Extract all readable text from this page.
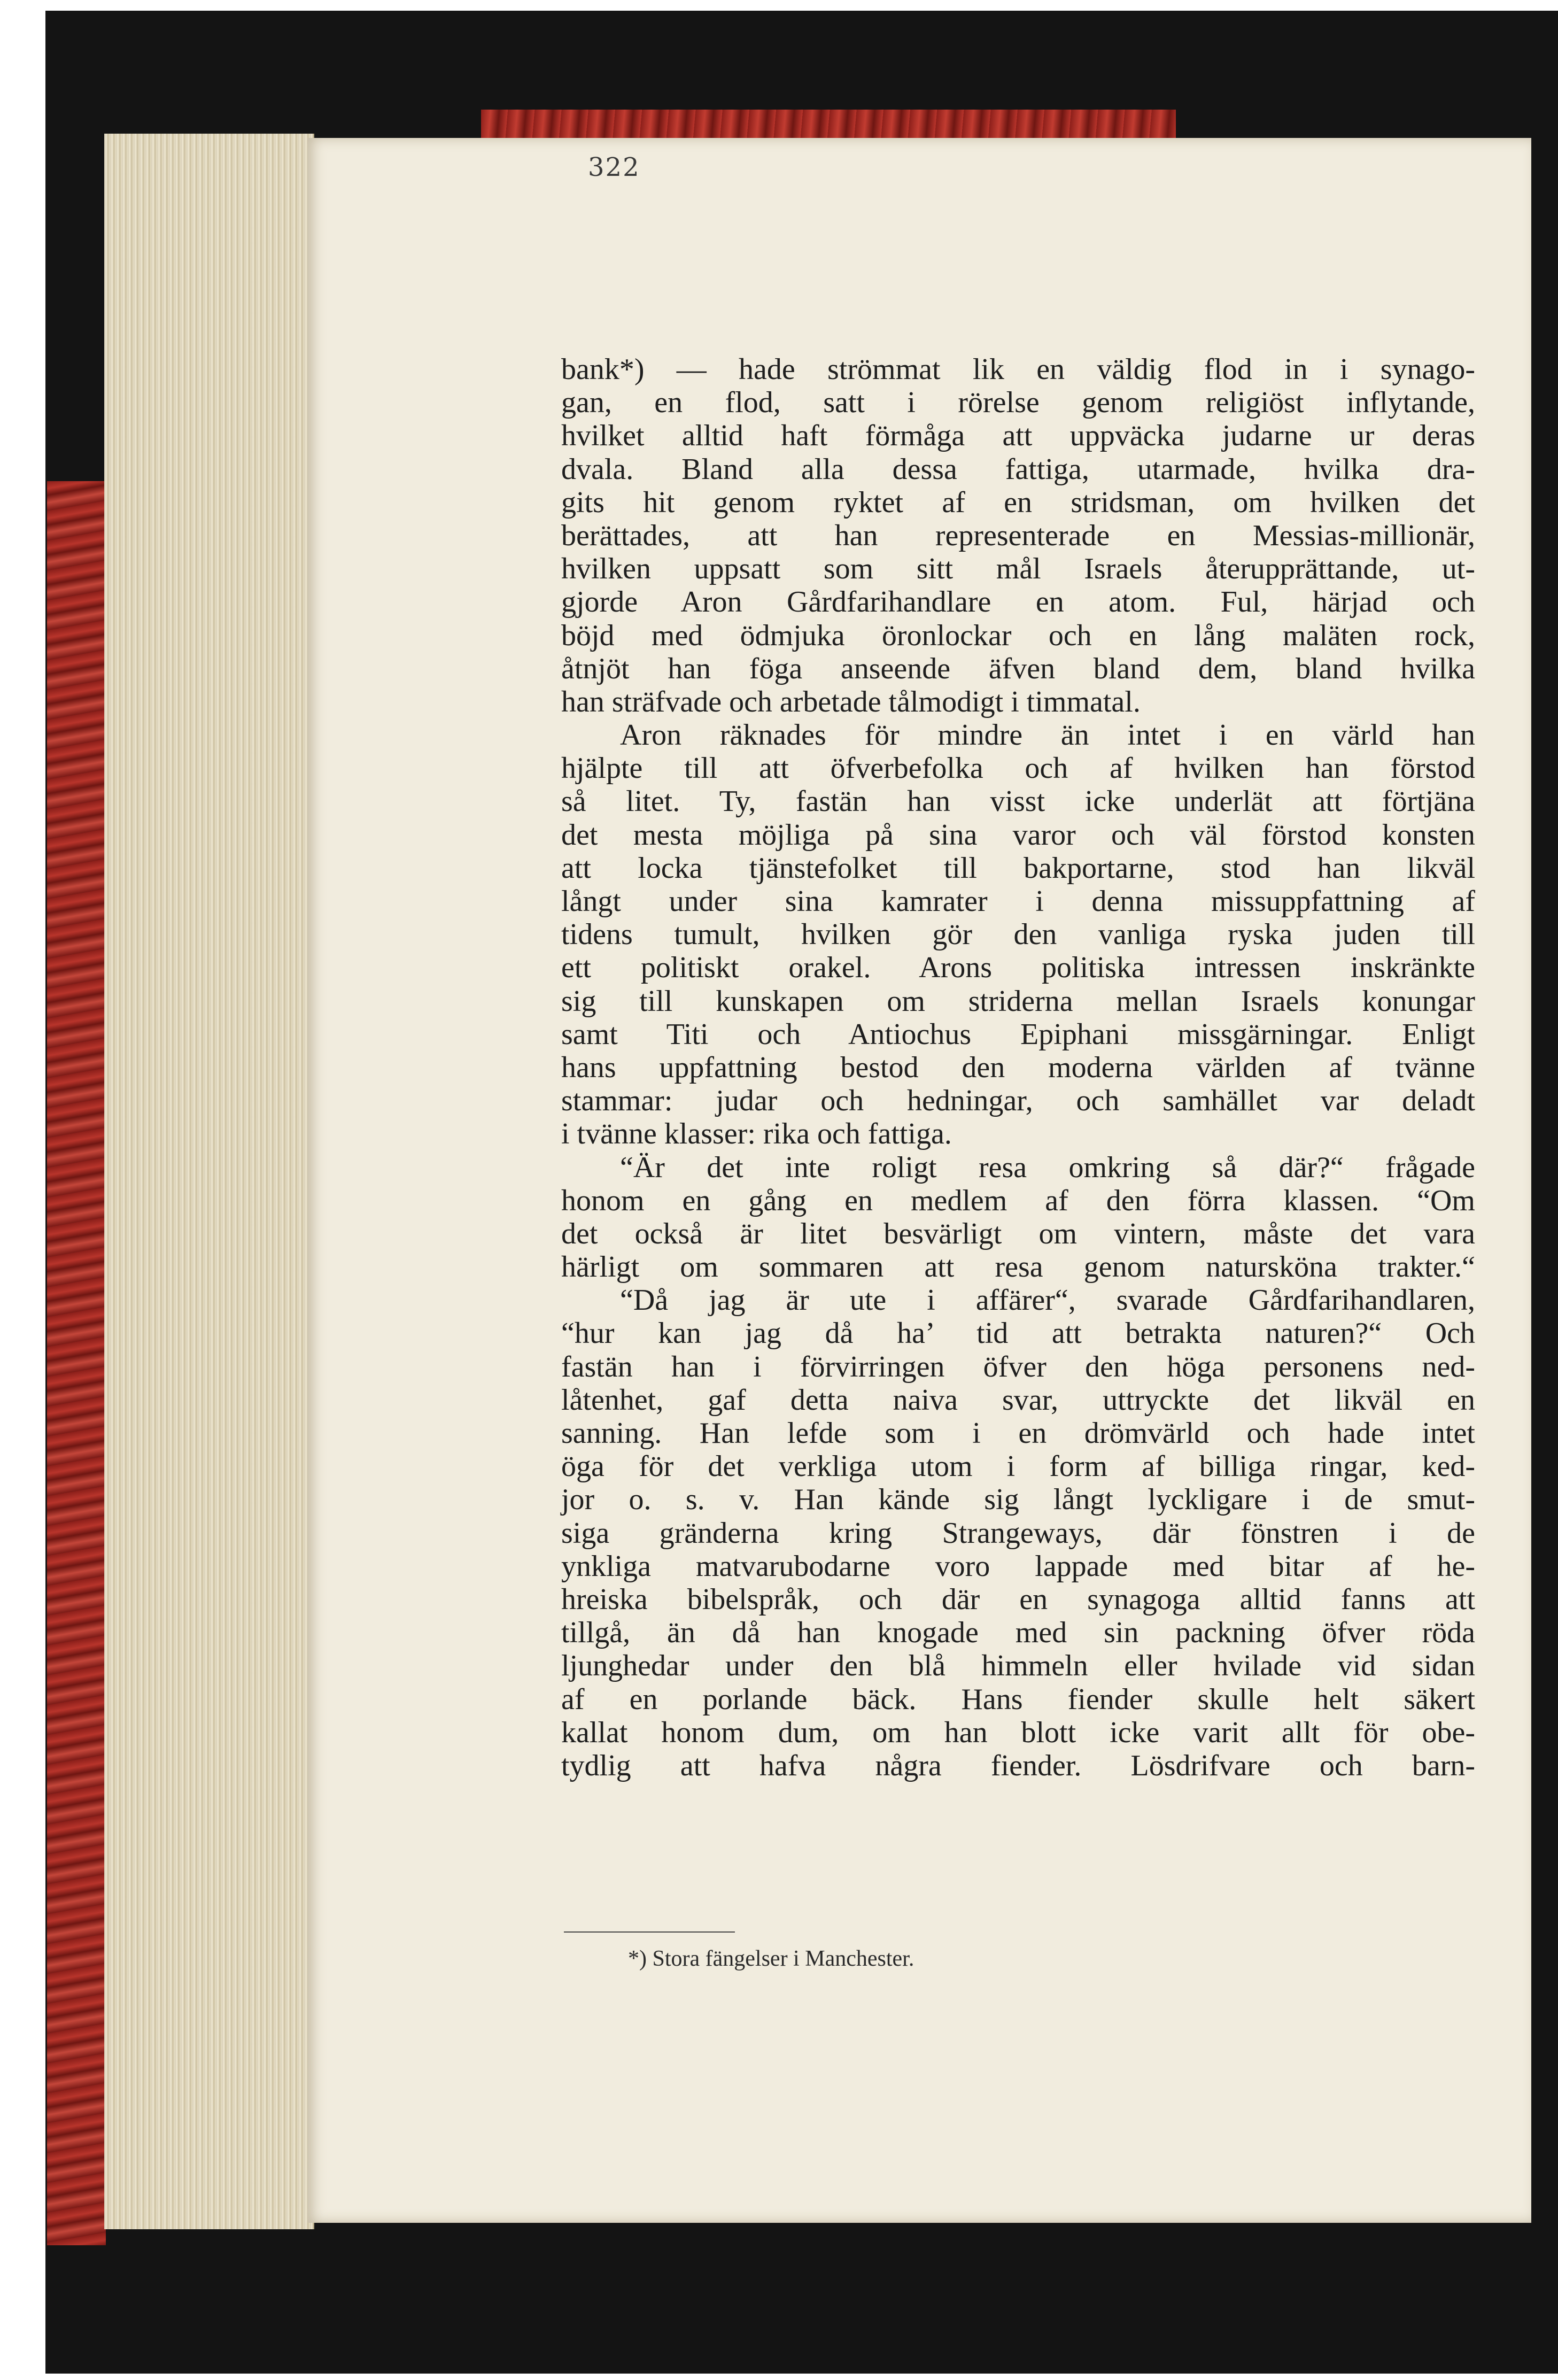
322
bank*) — hade strömmat lik en väldig flod in i synago-
gan, en flod, satt i rörelse genom religiöst inflytande,
hvilket alltid haft förmåga att uppväcka judarne ur deras
dvala. Bland alla dessa fattiga, utarmade, hvilka dra-
gits hit genom ryktet af en stridsman, om hvilken det
berättades, att han representerade en Messias-millionär,
hvilken uppsatt som sitt mål Israels återupprättande, ut-
gjorde Aron Gårdfarihandlare en atom. Ful, härjad och
böjd med ödmjuka öronlockar och en lång maläten rock,
åtnjöt han föga anseende äfven bland dem, bland hvilka
han sträfvade och arbetade tålmodigt i timmatal.
Aron räknades för mindre än intet i en värld han
hjälpte till att öfverbefolka och af hvilken han förstod
så litet. Ty, fastän han visst icke underlät att förtjäna
det mesta möjliga på sina varor och väl förstod konsten
att locka tjänstefolket till bakportarne, stod han likväl
långt under sina kamrater i denna missuppfattning af
tidens tumult, hvilken gör den vanliga ryska juden till
ett politiskt orakel. Arons politiska intressen inskränkte
sig till kunskapen om striderna mellan Israels konungar
samt Titi och Antiochus Epiphani missgärningar. Enligt
hans uppfattning bestod den moderna världen af tvänne
stammar: judar och hedningar, och samhället var deladt
i tvänne klasser: rika och fattiga.
“Är det inte roligt resa omkring så där?“ frågade
honom en gång en medlem af den förra klassen. “Om
det också är litet besvärligt om vintern, måste det vara
härligt om sommaren att resa genom natursköna trakter.“
“Då jag är ute i affärer“, svarade Gårdfarihandlaren,
“hur kan jag då ha’ tid att betrakta naturen?“ Och
fastän han i förvirringen öfver den höga personens ned-
låtenhet, gaf detta naiva svar, uttryckte det likväl en
sanning. Han lefde som i en drömvärld och hade intet
öga för det verkliga utom i form af billiga ringar, ked-
jor o. s. v. Han kände sig långt lyckligare i de smut-
siga gränderna kring Strangeways, där fönstren i de
ynkliga matvarubodarne voro lappade med bitar af he-
hreiska bibelspråk, och där en synagoga alltid fanns att
tillgå, än då han knogade med sin packning öfver röda
ljunghedar under den blå himmeln eller hvilade vid sidan
af en porlande bäck. Hans fiender skulle helt säkert
kallat honom dum, om han blott icke varit allt för obe-
tydlig att hafva några fiender. Lösdrifvare och barn-
*) Stora fängelser i Manchester.
